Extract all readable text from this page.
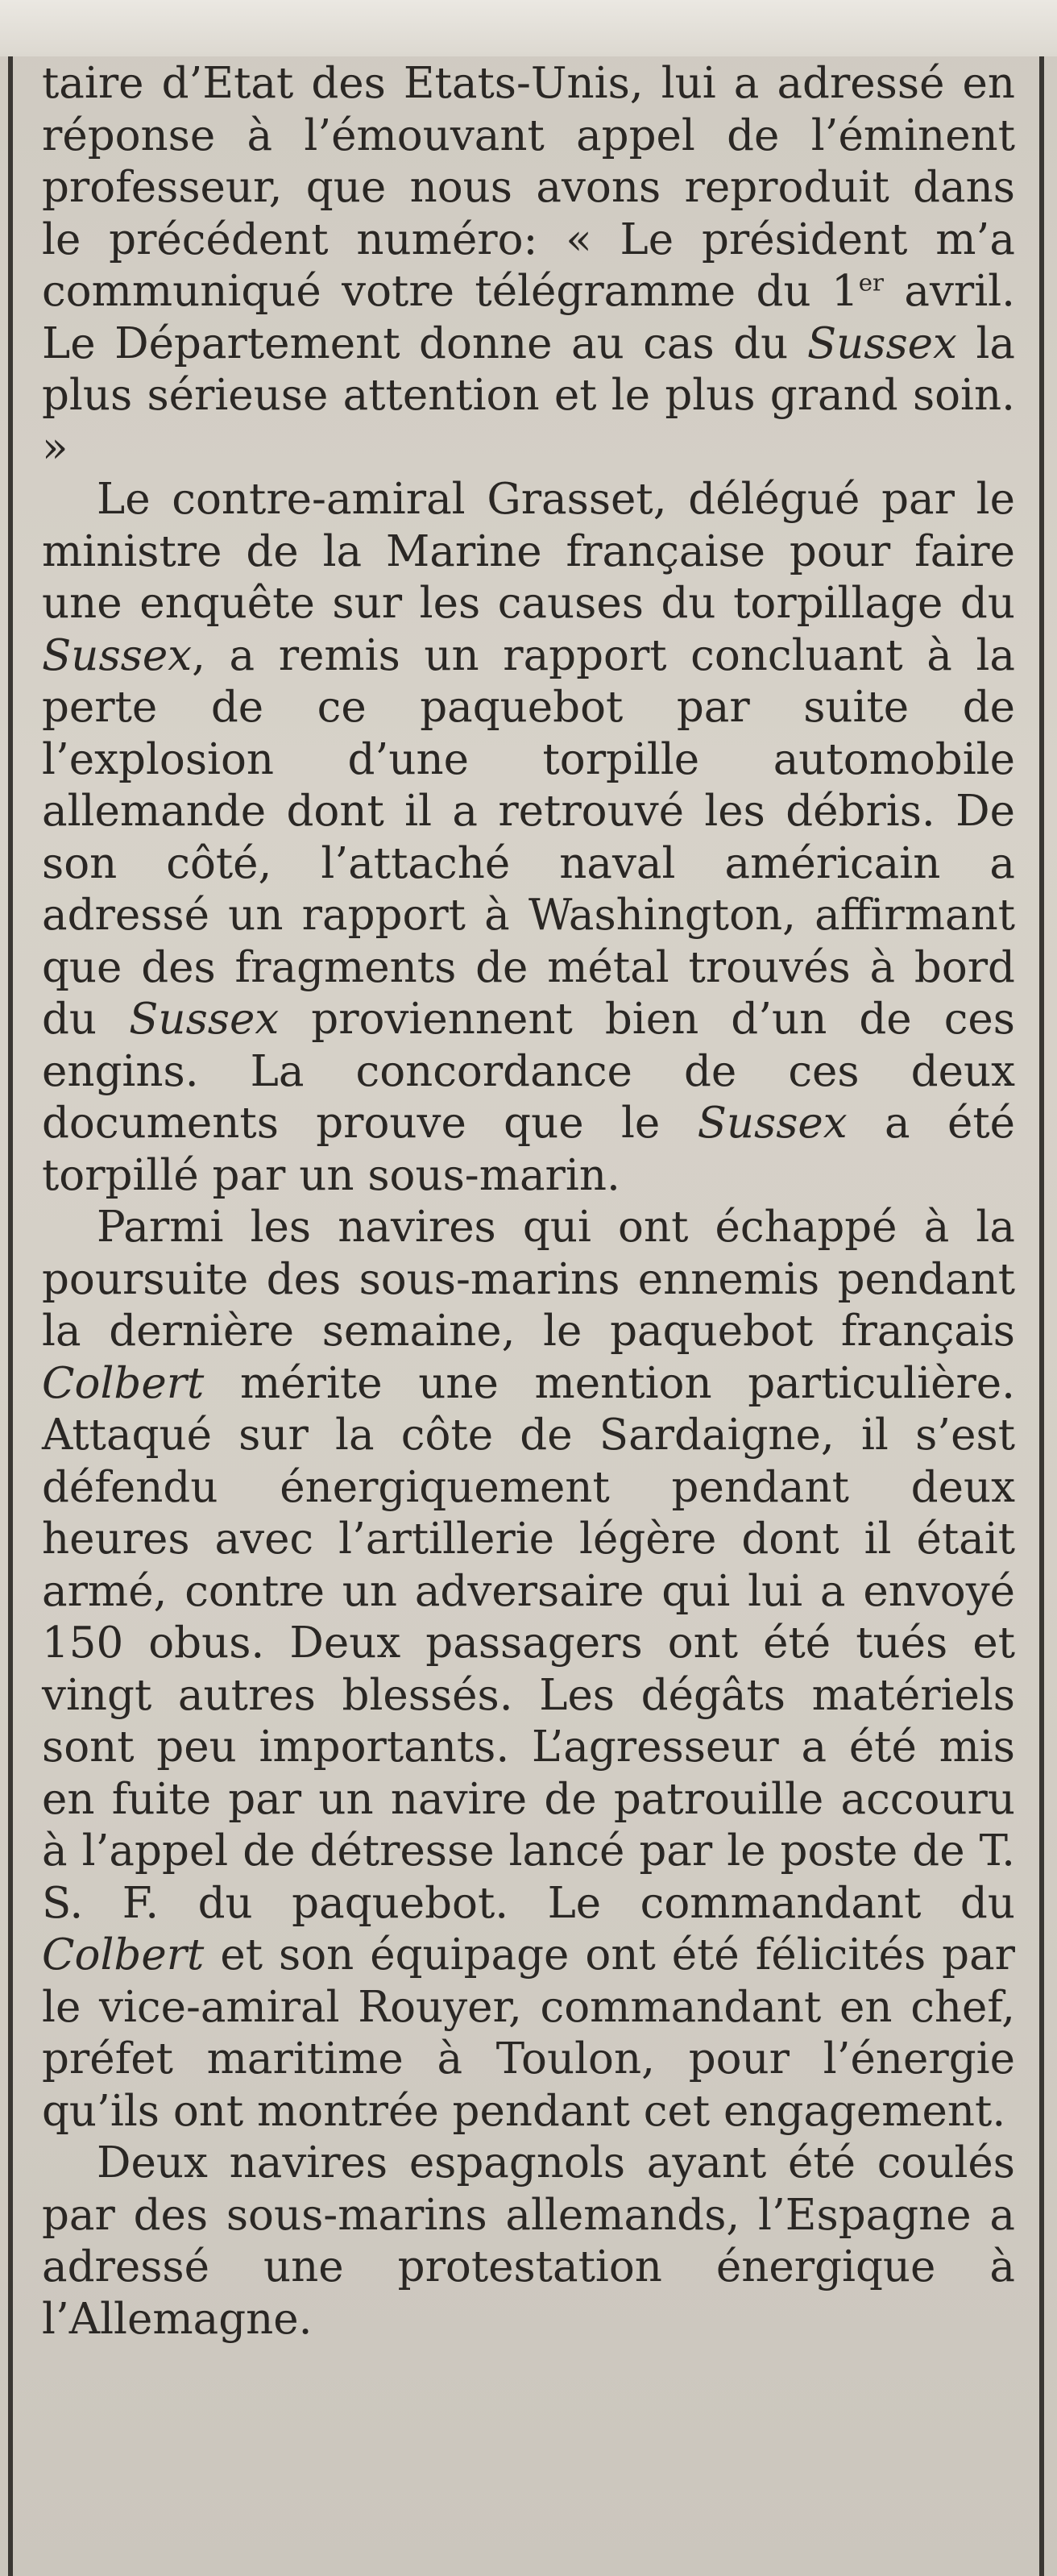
taire d’Etat des Etats-Unis, lui a adressé en réponse à l’émouvant appel de l’éminent professeur, que nous avons reproduit dans le précédent numéro: « Le président m’a communiqué votre télégramme du 1er avril. Le Département donne au cas du Sussex la plus sérieuse attention et le plus grand soin. »

Le contre-amiral Grasset, délégué par le ministre de la Marine française pour faire une enquête sur les causes du torpillage du Sussex, a remis un rapport concluant à la perte de ce paquebot par suite de l’explosion d’une torpille automobile allemande dont il a retrouvé les débris. De son côté, l’attaché naval américain a adressé un rapport à Washington, affirmant que des fragments de métal trouvés à bord du Sussex proviennent bien d’un de ces engins. La concordance de ces deux documents prouve que le Sussex a été torpillé par un sous-marin.

Parmi les navires qui ont échappé à la poursuite des sous-marins ennemis pendant la dernière semaine, le paquebot français Colbert mérite une mention particulière. Attaqué sur la côte de Sardaigne, il s’est défendu énergiquement pendant deux heures avec l’artillerie légère dont il était armé, contre un adversaire qui lui a envoyé 150 obus. Deux passagers ont été tués et vingt autres blessés. Les dégâts matériels sont peu importants. L’agresseur a été mis en fuite par un navire de patrouille accouru à l’appel de détresse lancé par le poste de T. S. F. du paquebot. Le commandant du Colbert et son équipage ont été félicités par le vice-amiral Rouyer, commandant en chef, préfet maritime à Toulon, pour l’énergie qu’ils ont montrée pendant cet engagement.

Deux navires espagnols ayant été coulés par des sous-marins allemands, l’Espagne a adressé une protestation énergique à l’Allemagne.
